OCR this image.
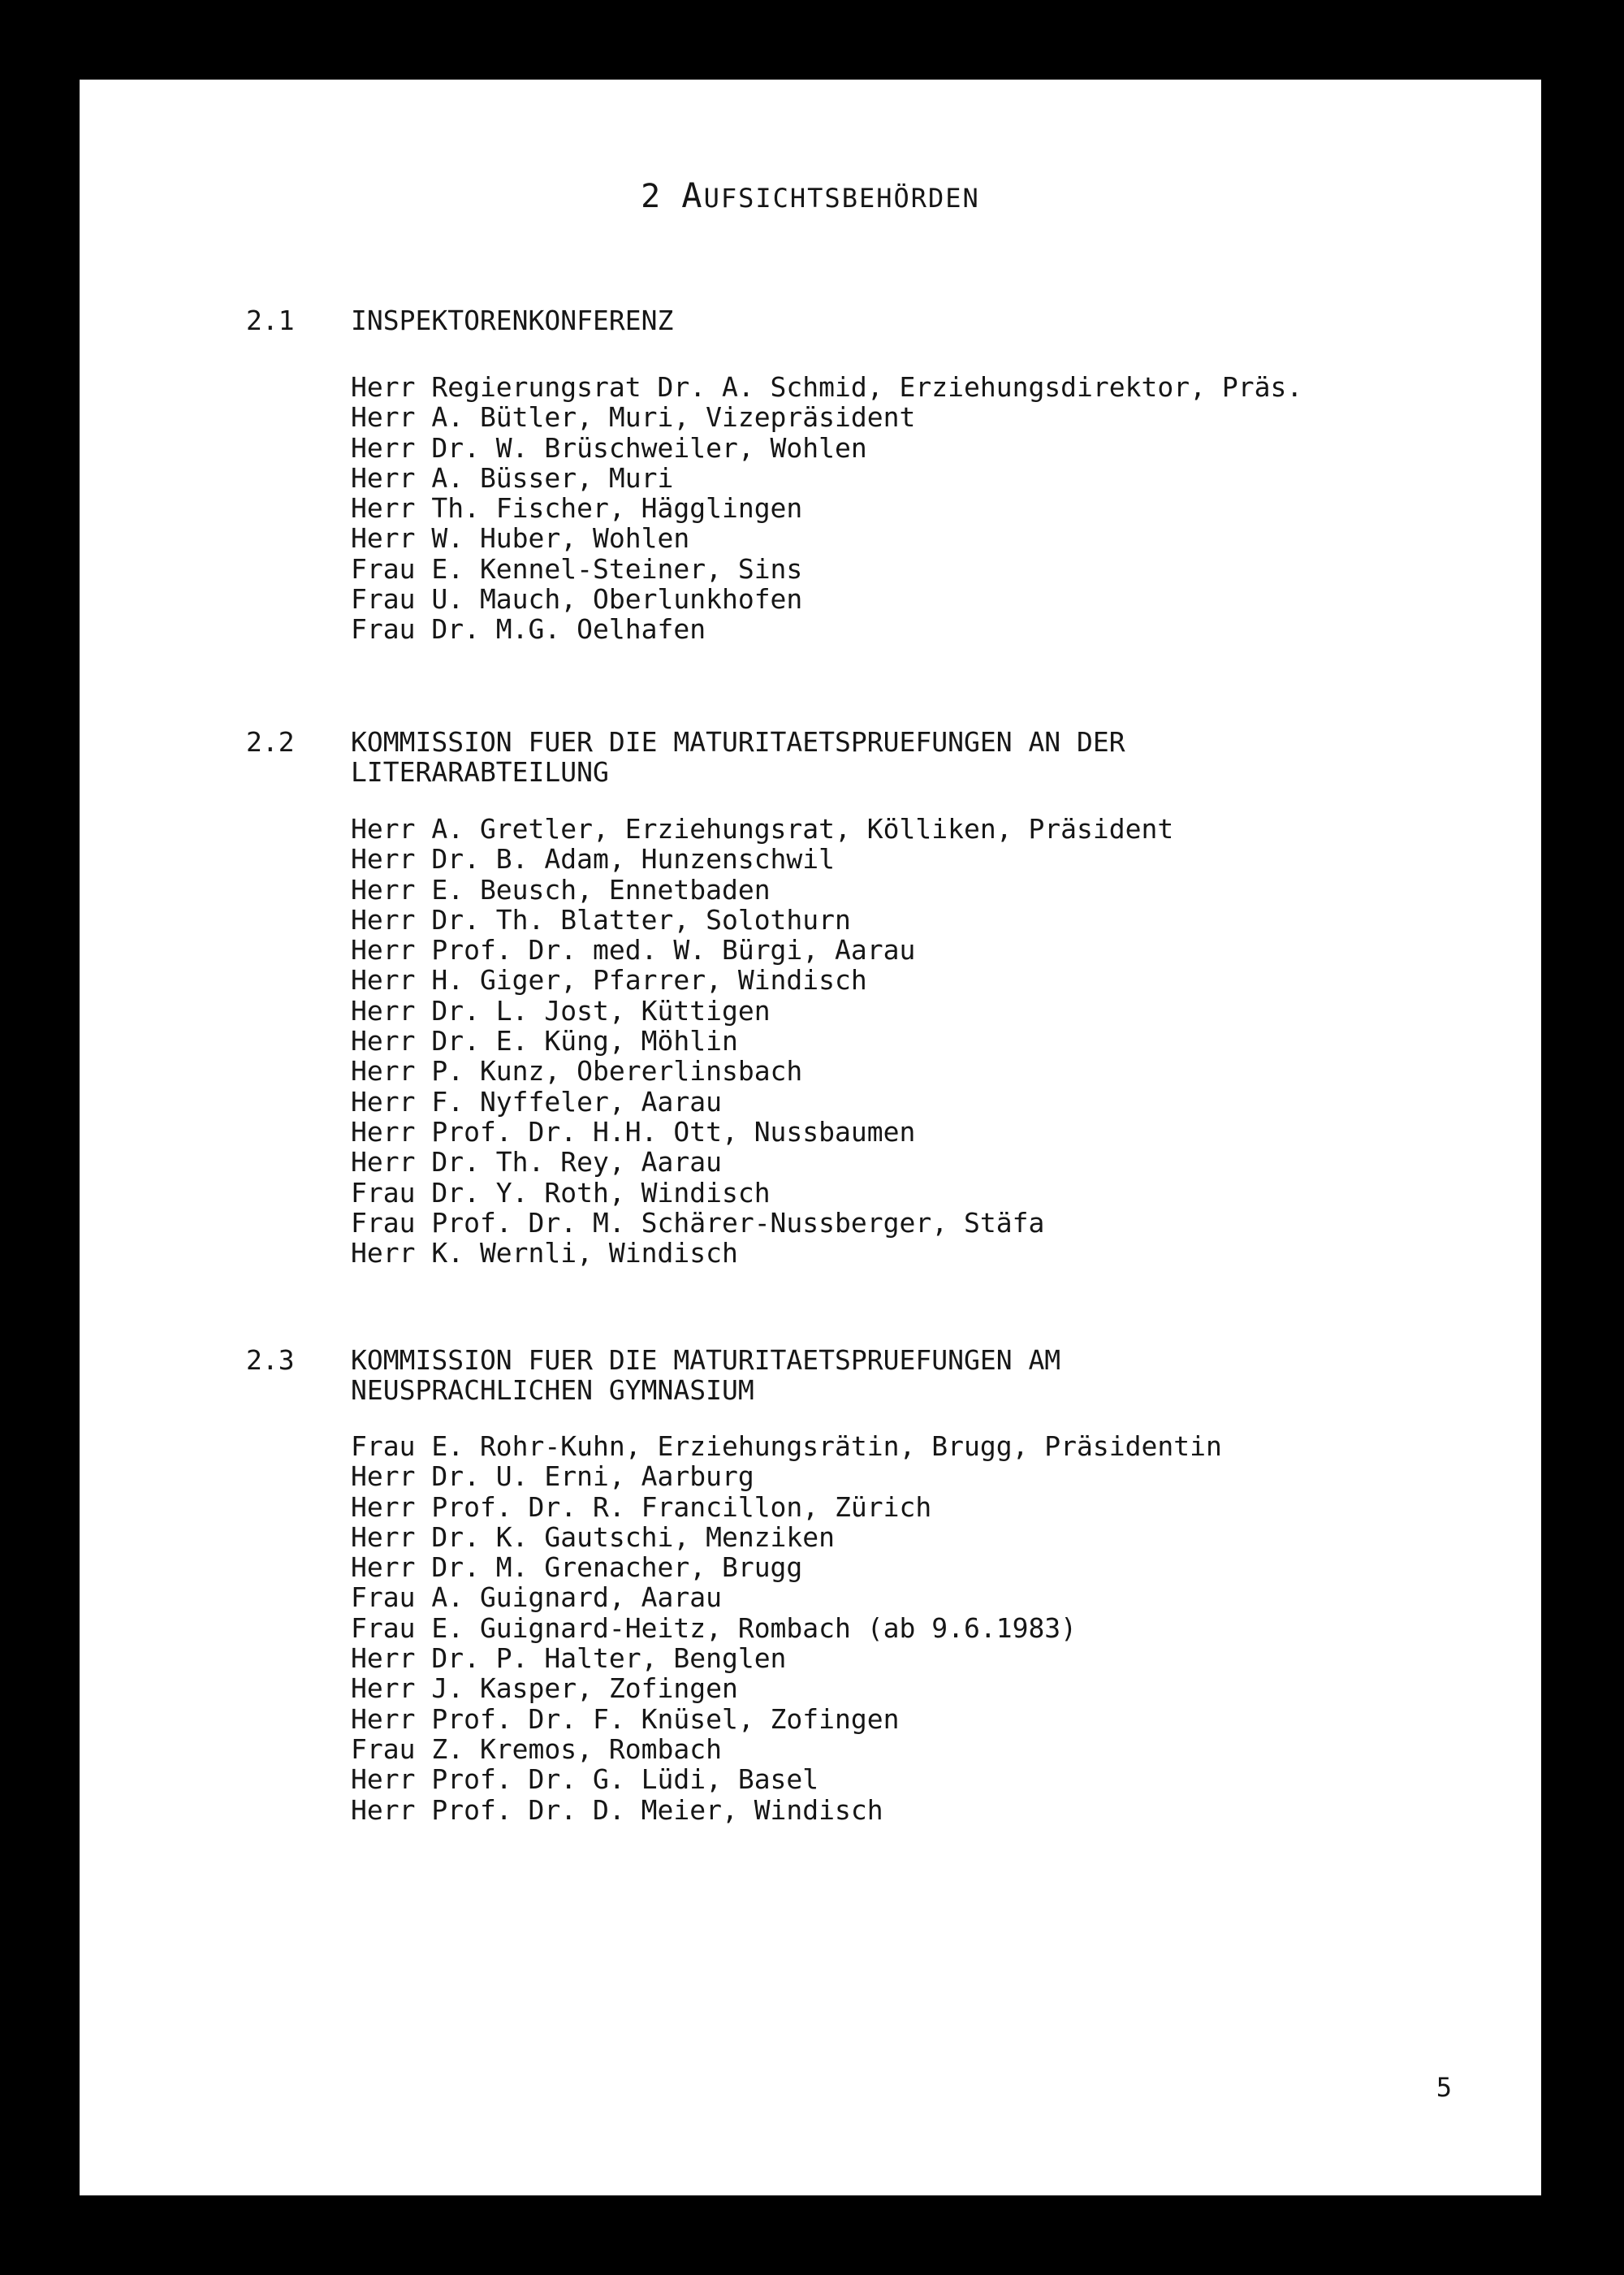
2 AUFSICHTSBEHÖRDEN
2.1 INSPEKTORENKONFERENZ
Herr Regierungsrat Dr. A. Schmid, Erziehungsdirektor, Präs.
Herr A. Bütler, Muri, Vizepräsident
Herr Dr. W. Brüschweiler, Wohlen
Herr A. Büsser, Muri
Herr Th. Fischer, Hägglingen
Herr W. Huber, Wohlen
Frau E. Kennel-Steiner, Sins
Frau U. Mauch, Oberlunkhofen
Frau Dr. M.G. Oelhafen
2.2 KOMMISSION FUER DIE MATURITAETSPRUEFUNGEN AN DER
LITERARABTEILUNG
Herr A. Gretler, Erziehungsrat, Kölliken, Präsident
Herr Dr. B. Adam, Hunzenschwil
Herr E. Beusch, Ennetbaden
Herr Dr. Th. Blatter, Solothurn
Herr Prof. Dr. med. W. Bürgi, Aarau
Herr H. Giger, Pfarrer, Windisch
Herr Dr. L. Jost, Küttigen
Herr Dr. E. Küng, Möhlin
Herr P. Kunz, Obererlinsbach
Herr F. Nyffeler, Aarau
Herr Prof. Dr. H.H. Ott, Nussbaumen
Herr Dr. Th. Rey, Aarau
Frau Dr. Y. Roth, Windisch
Frau Prof. Dr. M. Schärer-Nussberger, Stäfa
Herr K. Wernli, Windisch
2.3 KOMMISSION FUER DIE MATURITAETSPRUEFUNGEN AM
NEUSPRACHLICHEN GYMNASIUM
Frau E. Rohr-Kuhn, Erziehungsrätin, Brugg, Präsidentin
Herr Dr. U. Erni, Aarburg
Herr Prof. Dr. R. Francillon, Zürich
Herr Dr. K. Gautschi, Menziken
Herr Dr. M. Grenacher, Brugg
Frau A. Guignard, Aarau
Frau E. Guignard-Heitz, Rombach (ab 9.6.1983)
Herr Dr. P. Halter, Benglen
Herr J. Kasper, Zofingen
Herr Prof. Dr. F. Knüsel, Zofingen
Frau Z. Kremos, Rombach
Herr Prof. Dr. G. Lüdi, Basel
Herr Prof. Dr. D. Meier, Windisch
5
